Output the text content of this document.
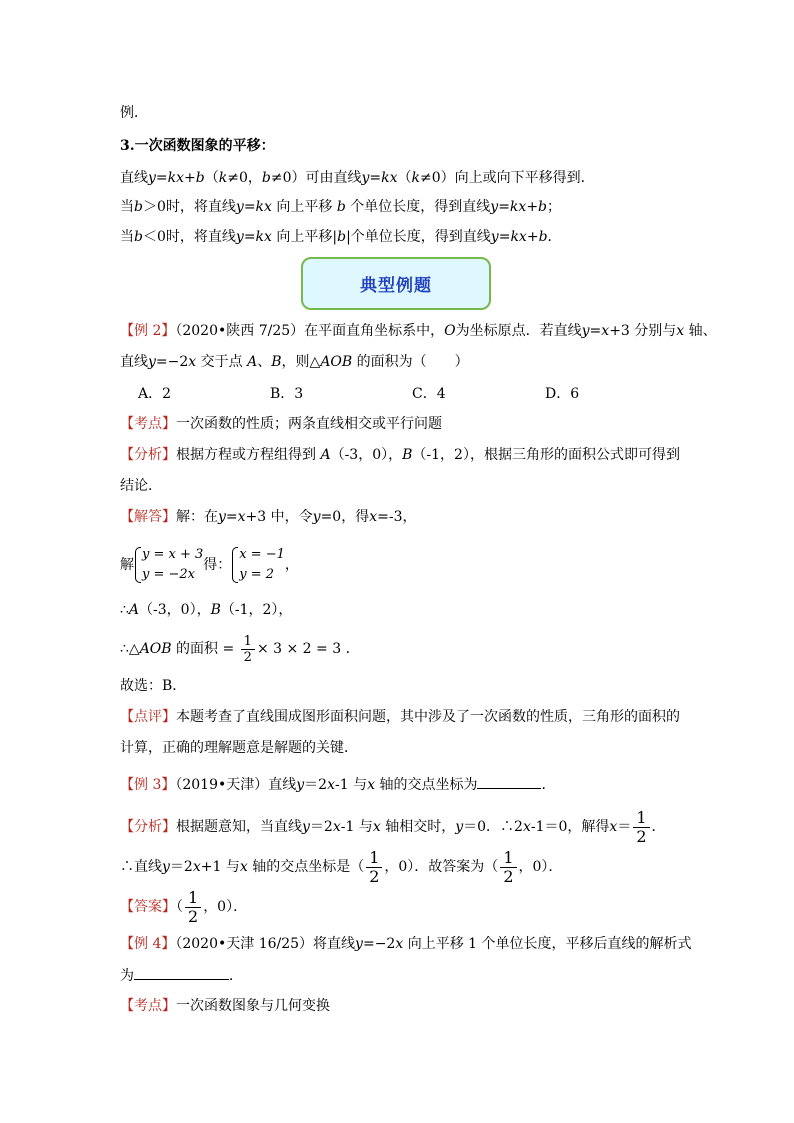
例．
3.一次函数图象的平移：
直线y=kx+b（k≠0，b≠0）可由直线y=kx（k≠0）向上或向下平移得到．
当b＞0时，将直线y=kx 向上平移 b 个单位长度，得到直线y=kx+b；
当b＜0时，将直线y=kx 向上平移|b|个单位长度，得到直线y=kx+b．
典型例题
【例 2】（2020•陕西 7/25）在平面直角坐标系中，O为坐标原点．若直线y=x+3 分别与x 轴、
直线y=−2x 交于点 A、B，则△AOB 的面积为（　　）
A．2	B．3	C．4	D．6
【考点】一次函数的性质；两条直线相交或平行问题
【分析】根据方程或方程组得到 A（-3，0），B（-1，2），根据三角形的面积公式即可得到
结论．
【解答】解：在y=x+3 中，令y=0，得x=-3，
解
y = x + 3
y = −2x
得：
x = −1
y = 2
，
∴A（-3，0），B（-1，2），
∴△AOB 的面积 = $\frac{1}{2} \times 3 \times 2 = 3$ ．
故选：B．
【点评】本题考查了直线围成图形面积问题，其中涉及了一次函数的性质，三角形的面积的
计算，正确的理解题意是解题的关键．
【例 3】（2019•天津）直线y＝2x-1 与x 轴的交点坐标为	．
【分析】根据题意知，当直线y＝2x-1 与x 轴相交时，y＝0．∴2x-1＝0，解得$x= \frac{1}{2}$ ．
∴直线y＝2x+1 与x 轴的交点坐标是（ $\frac{1}{2}$ ，0）．故答案为（ $\frac{1}{2}$ ，0）．
【答案】（ $\frac{1}{2}$ ，0）．
【例 4】（2020•天津 16/25）将直线y=−2x 向上平移 1 个单位长度，平移后直线的解析式
为	．
【考点】一次函数图象与几何变换
